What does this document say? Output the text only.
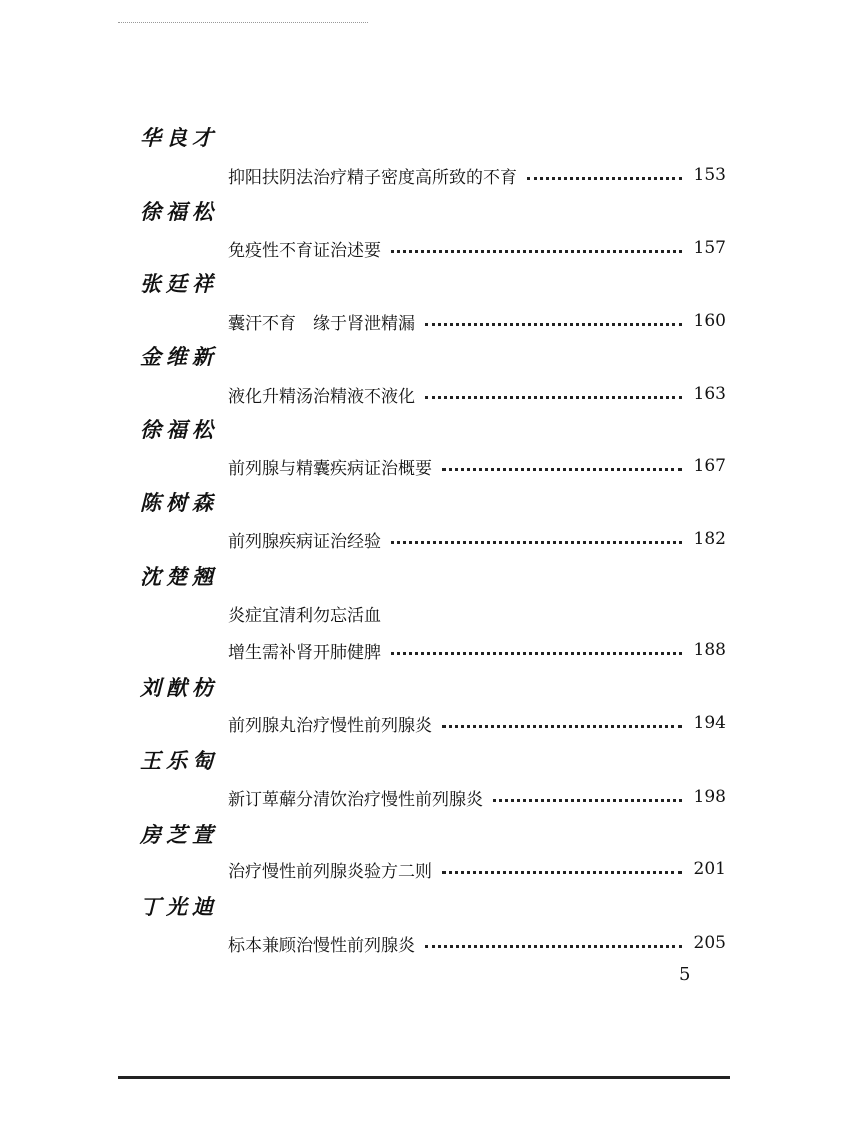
华良才
抑阳扶阴法治疗精子密度高所致的不育	153
徐福松
免疫性不育证治述要	157
张廷祥
囊汗不育　缘于肾泄精漏	160
金维新
液化升精汤治精液不液化	163
徐福松
前列腺与精囊疾病证治概要	167
陈树森
前列腺疾病证治经验	182
沈楚翘
炎症宜清利勿忘活血
增生需补肾开肺健脾	188
刘猷枋
前列腺丸治疗慢性前列腺炎	194
王乐匋
新订萆薢分清饮治疗慢性前列腺炎	198
房芝萱
治疗慢性前列腺炎验方二则	201
丁光迪
标本兼顾治慢性前列腺炎	205
5
